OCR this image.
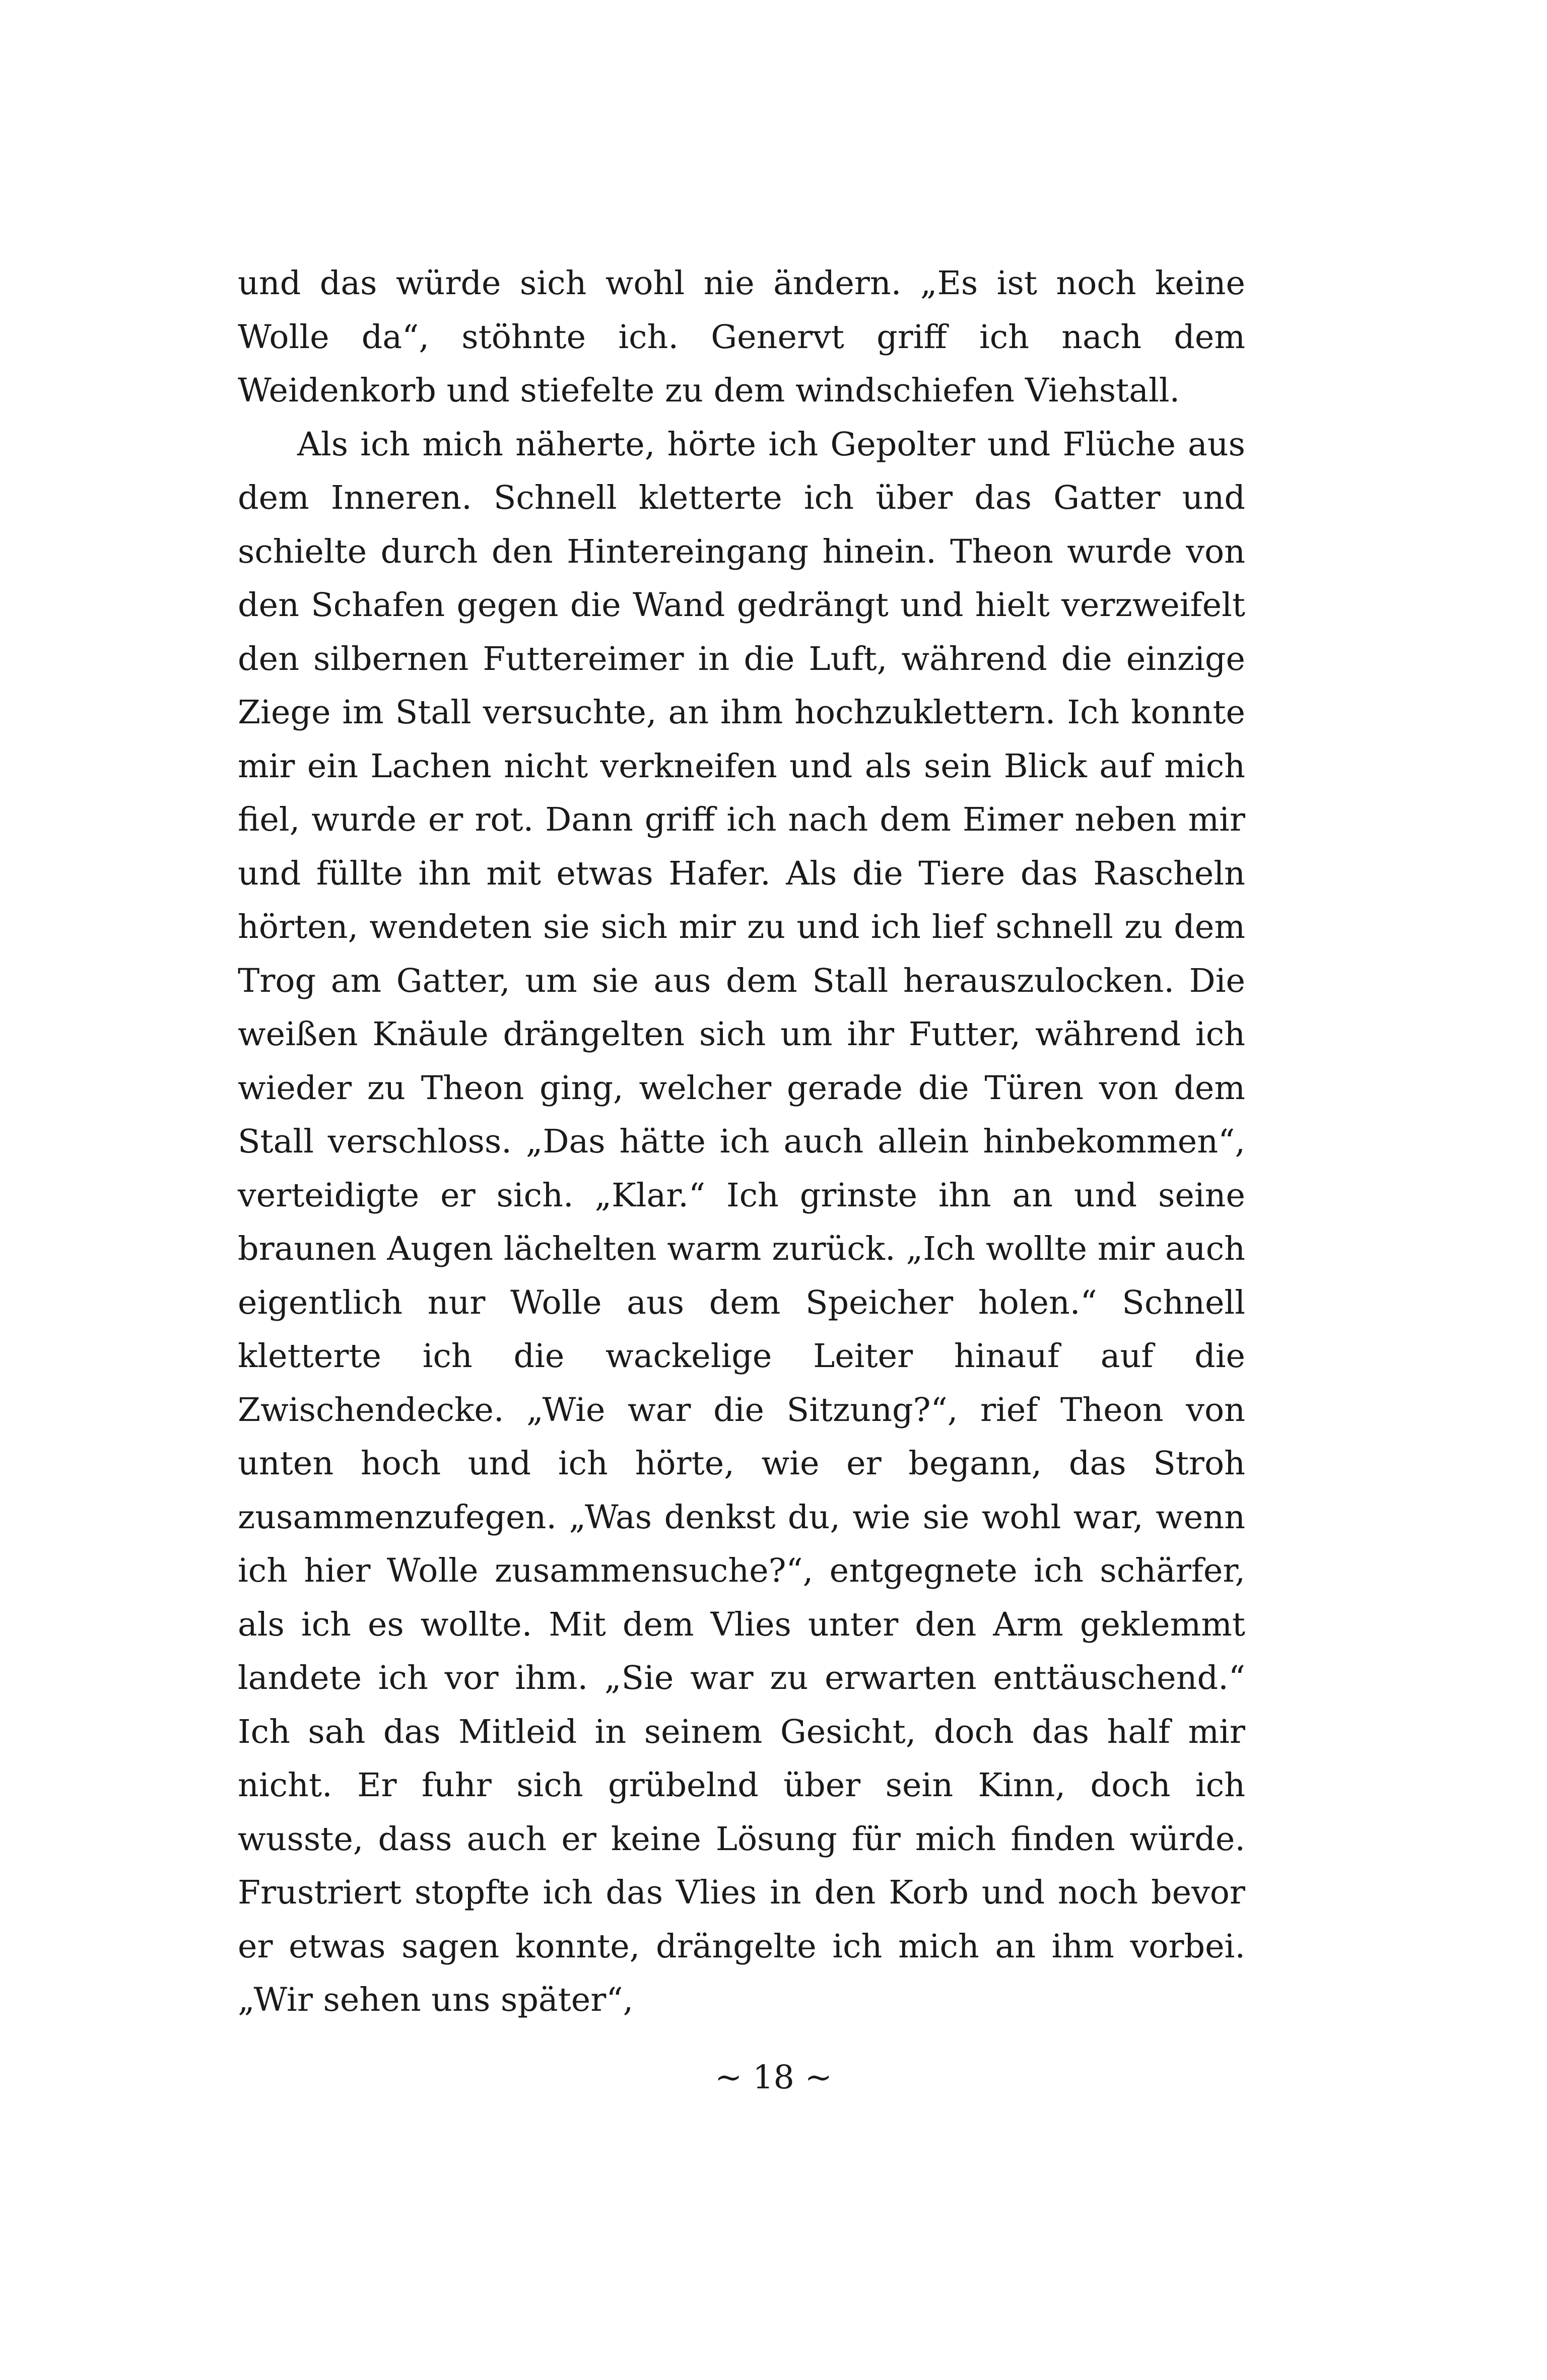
und das würde sich wohl nie ändern. „Es ist noch keine Wolle da“, stöhnte ich. Genervt griff ich nach dem Weidenkorb und stiefelte zu dem windschiefen Viehstall.

Als ich mich näherte, hörte ich Gepolter und Flüche aus dem Inneren. Schnell kletterte ich über das Gatter und schielte durch den Hintereingang hinein. Theon wurde von den Schafen gegen die Wand gedrängt und hielt verzweifelt den silbernen Futtereimer in die Luft, während die einzige Ziege im Stall versuchte, an ihm hochzuklettern. Ich konnte mir ein Lachen nicht verkneifen und als sein Blick auf mich fiel, wurde er rot. Dann griff ich nach dem Eimer neben mir und füllte ihn mit etwas Hafer. Als die Tiere das Rascheln hörten, wendeten sie sich mir zu und ich lief schnell zu dem Trog am Gatter, um sie aus dem Stall herauszulocken. Die weißen Knäule drängelten sich um ihr Futter, während ich wieder zu Theon ging, welcher gerade die Türen von dem Stall verschloss. „Das hätte ich auch allein hinbekommen“, verteidigte er sich. „Klar.“ Ich grinste ihn an und seine braunen Augen lächelten warm zurück. „Ich wollte mir auch eigentlich nur Wolle aus dem Speicher holen.“ Schnell kletterte ich die wackelige Leiter hinauf auf die Zwischendecke. „Wie war die Sitzung?“, rief Theon von unten hoch und ich hörte, wie er begann, das Stroh zusammenzufegen. „Was denkst du, wie sie wohl war, wenn ich hier Wolle zusammensuche?“, entgegnete ich schärfer, als ich es wollte. Mit dem Vlies unter den Arm geklemmt landete ich vor ihm. „Sie war zu erwarten enttäuschend.“ Ich sah das Mitleid in seinem Gesicht, doch das half mir nicht. Er fuhr sich grübelnd über sein Kinn, doch ich wusste, dass auch er keine Lösung für mich finden würde. Frustriert stopfte ich das Vlies in den Korb und noch bevor er etwas sagen konnte, drängelte ich mich an ihm vorbei. „Wir sehen uns später“,

~ 18 ~
